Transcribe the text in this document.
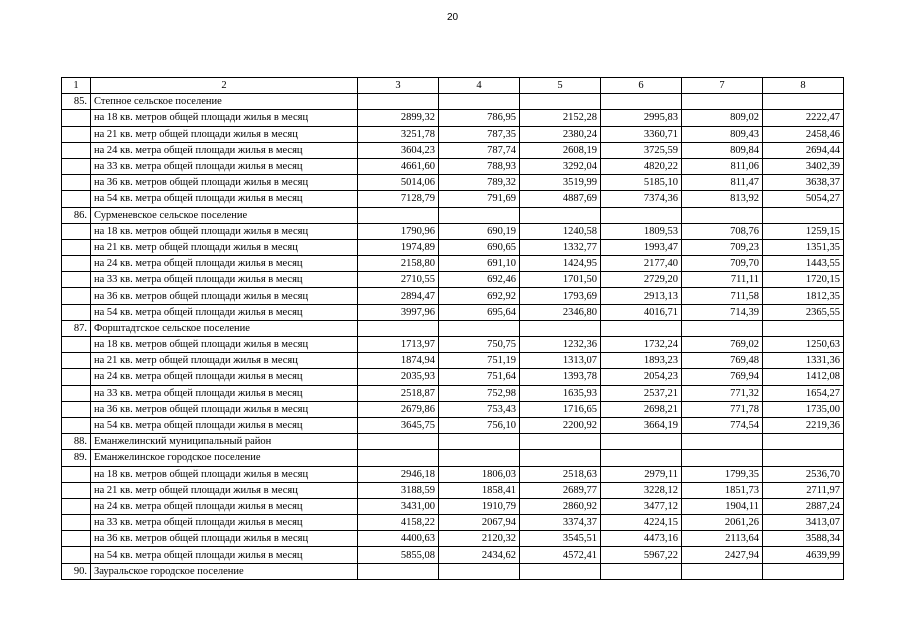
20
1	2	3	4	5	6	7	8
85.	Степное сельское поселение						
	на 18 кв. метров общей площади жилья в месяц	2899,32	786,95	2152,28	2995,83	809,02	2222,47
	на 21 кв. метр общей площади жилья в месяц	3251,78	787,35	2380,24	3360,71	809,43	2458,46
	на 24 кв. метра общей площади жилья в месяц	3604,23	787,74	2608,19	3725,59	809,84	2694,44
	на 33 кв. метра общей площади жилья в месяц	4661,60	788,93	3292,04	4820,22	811,06	3402,39
	на 36 кв. метров общей площади жилья в месяц	5014,06	789,32	3519,99	5185,10	811,47	3638,37
	на 54 кв. метра общей площади жилья в месяц	7128,79	791,69	4887,69	7374,36	813,92	5054,27
86.	Сурменевское сельское поселение						
	на 18 кв. метров общей площади жилья в месяц	1790,96	690,19	1240,58	1809,53	708,76	1259,15
	на 21 кв. метр общей площади жилья в месяц	1974,89	690,65	1332,77	1993,47	709,23	1351,35
	на 24 кв. метра общей площади жилья в месяц	2158,80	691,10	1424,95	2177,40	709,70	1443,55
	на 33 кв. метра общей площади жилья в месяц	2710,55	692,46	1701,50	2729,20	711,11	1720,15
	на 36 кв. метров общей площади жилья в месяц	2894,47	692,92	1793,69	2913,13	711,58	1812,35
	на 54 кв. метра общей площади жилья в месяц	3997,96	695,64	2346,80	4016,71	714,39	2365,55
87.	Форштадтское сельское поселение						
	на 18 кв. метров общей площади жилья в месяц	1713,97	750,75	1232,36	1732,24	769,02	1250,63
	на 21 кв. метр общей площади жилья в месяц	1874,94	751,19	1313,07	1893,23	769,48	1331,36
	на 24 кв. метра общей площади жилья в месяц	2035,93	751,64	1393,78	2054,23	769,94	1412,08
	на 33 кв. метра общей площади жилья в месяц	2518,87	752,98	1635,93	2537,21	771,32	1654,27
	на 36 кв. метров общей площади жилья в месяц	2679,86	753,43	1716,65	2698,21	771,78	1735,00
	на 54 кв. метра общей площади жилья в месяц	3645,75	756,10	2200,92	3664,19	774,54	2219,36
88.	Еманжелинский муниципальный район						
89.	Еманжелинское городское поселение						
	на 18 кв. метров общей площади жилья в месяц	2946,18	1806,03	2518,63	2979,11	1799,35	2536,70
	на 21 кв. метр общей площади жилья в месяц	3188,59	1858,41	2689,77	3228,12	1851,73	2711,97
	на 24 кв. метра общей площади жилья в месяц	3431,00	1910,79	2860,92	3477,12	1904,11	2887,24
	на 33 кв. метра общей площади жилья в месяц	4158,22	2067,94	3374,37	4224,15	2061,26	3413,07
	на 36 кв. метров общей площади жилья в месяц	4400,63	2120,32	3545,51	4473,16	2113,64	3588,34
	на 54 кв. метра общей площади жилья в месяц	5855,08	2434,62	4572,41	5967,22	2427,94	4639,99
90.	Зауральское городское поселение						
